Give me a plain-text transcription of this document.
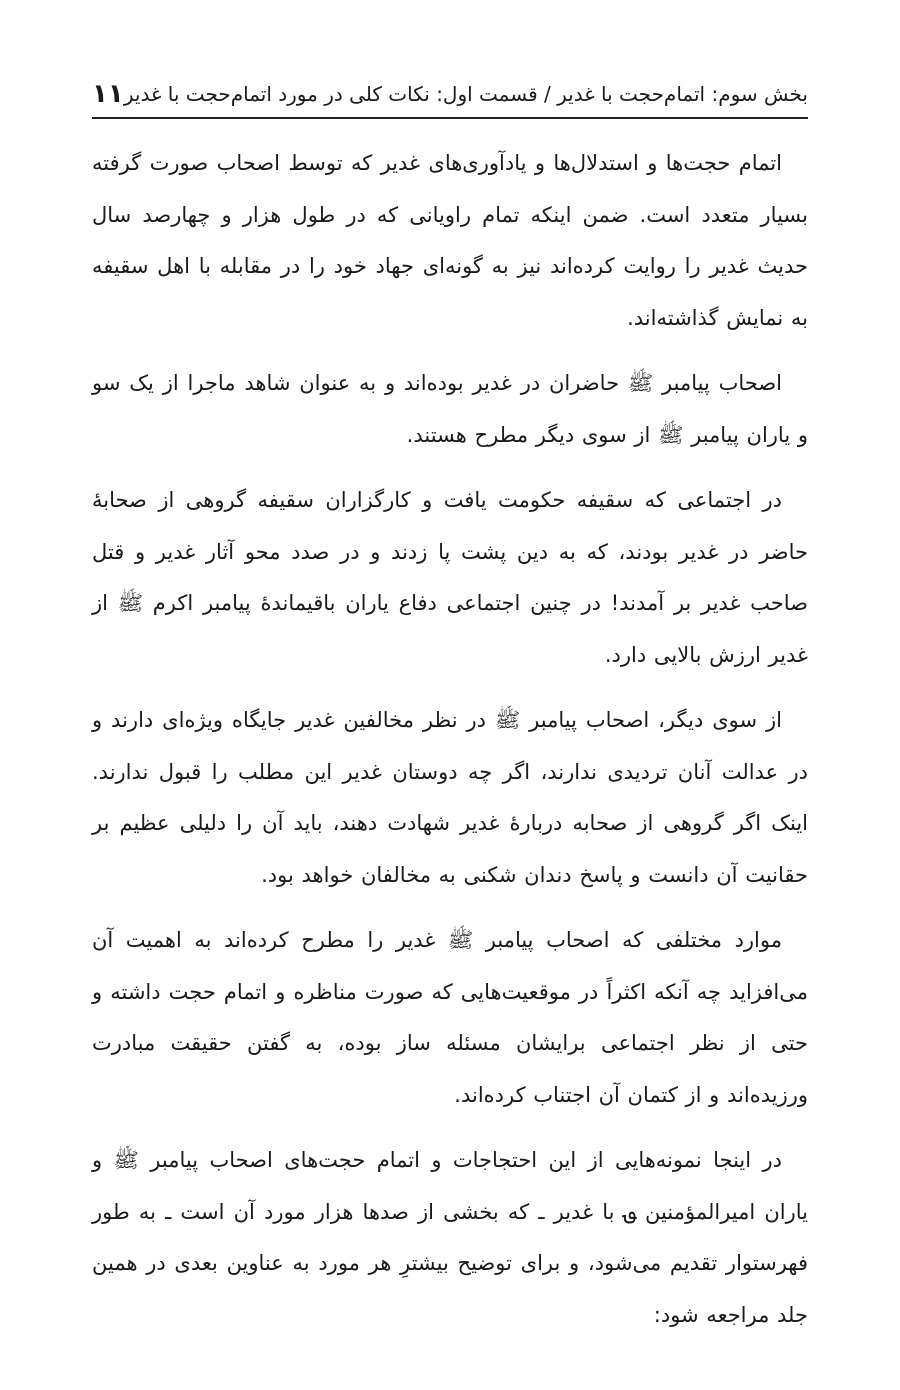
بخش سوم: اتمام‌حجت با غدیر / قسمت اول: نکات کلی در مورد اتمام‌حجت با غدیر
۱۱

اتمام حجت‌ها و استدلال‌ها و یادآوری‌های غدیر که توسط اصحاب صورت گرفته بسیار متعدد است. ضمن اینکه تمام راویانی که در طول هزار و چهارصد سال حدیث غدیر را روایت کرده‌اند نیز به گونه‌ای جهاد خود را در مقابله با اهل سقیفه به نمایش گذاشته‌اند.

اصحاب پیامبر ﷺ حاضران در غدیر بوده‌اند و به عنوان شاهد ماجرا از یک سو و یاران پیامبر ﷺ از سوی دیگر مطرح هستند.

در اجتماعی که سقیفه حکومت یافت و کارگزاران سقیفه گروهی از صحابهٔ حاضر در غدیر بودند، که به دین پشت پا زدند و در صدد محو آثار غدیر و قتل صاحب غدیر بر آمدند! در چنین اجتماعی دفاع یاران باقیماندهٔ پیامبر اکرم ﷺ از غدیر ارزش بالایی دارد.

از سوی دیگر، اصحاب پیامبر ﷺ در نظر مخالفین غدیر جایگاه ویژه‌ای دارند و در عدالت آنان تردیدی ندارند، اگر چه دوستان غدیر این مطلب را قبول ندارند. اینک اگر گروهی از صحابه دربارهٔ غدیر شهادت دهند، باید آن را دلیلی عظیم بر حقانیت آن دانست و پاسخ دندان شکنی به مخالفان خواهد بود.

موارد مختلفی که اصحاب پیامبر ﷺ غدیر را مطرح کرده‌اند به اهمیت آن می‌افزاید چه آنکه اکثراً در موقعیت‌هایی که صورت مناظره و اتمام حجت داشته و حتی از نظر اجتماعی برایشان مسئله ساز بوده، به گفتن حقیقت مبادرت ورزیده‌اند و از کتمان آن اجتناب کرده‌اند.

در اینجا نمونه‌هایی از این احتجاجات و اتمام حجت‌های اصحاب پیامبر ﷺ و یاران امیرالمؤمنین ؈ با غدیر ـ که بخشی از صدها هزار مورد آن است ـ به طور فهرستوار تقدیم می‌شود، و برای توضیح بیشترِ هر مورد به عناوین بعدی در همین جلد مراجعه شود:
